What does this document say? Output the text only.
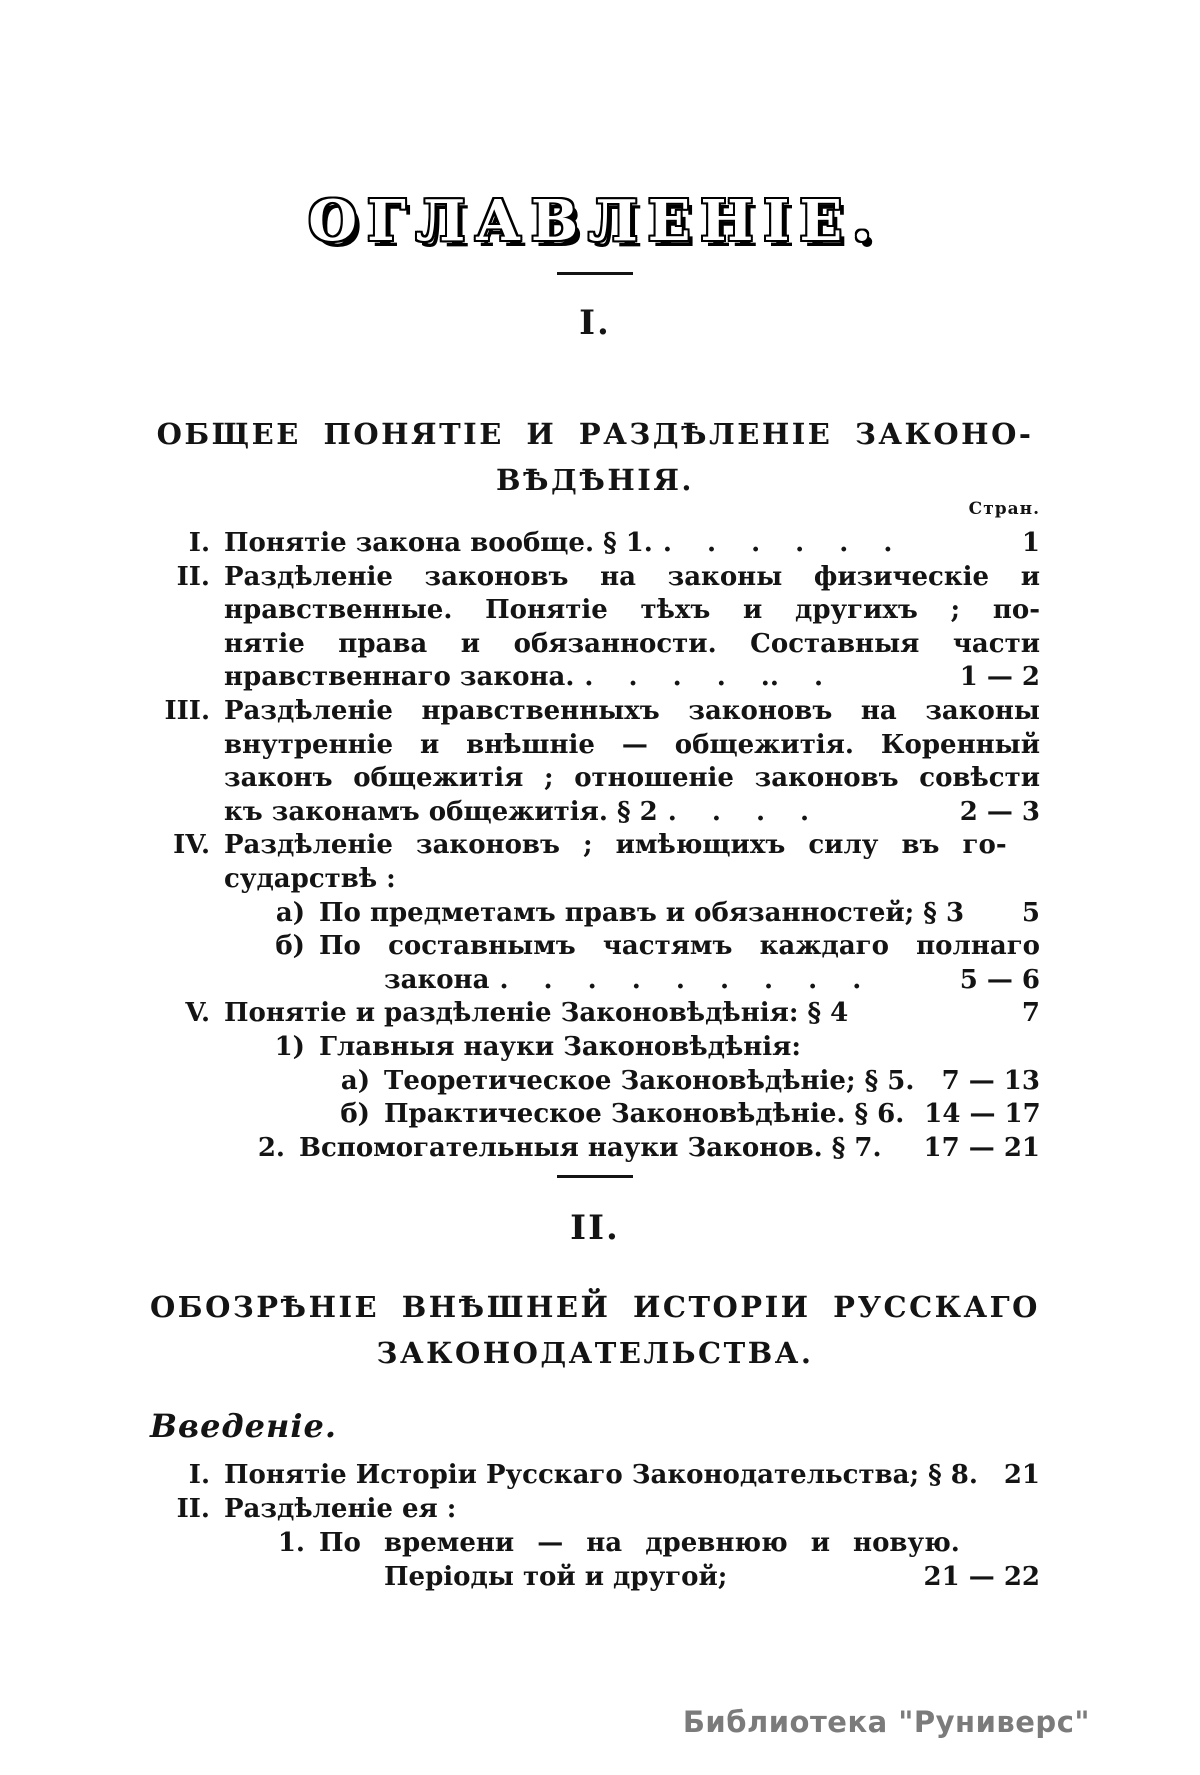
ОГЛАВЛЕНІЕ.
I.
ОБЩЕЕ ПОНЯТІЕ И РАЗДѢЛЕНІЕ ЗАКОНО-
ВѢДѢНІЯ.
Стран.
I. Понятіе закона вообще. § 1. . . . . . .	1
II. Раздѣленіе законовъ на законы физическіе и
нравственные. Понятіе тѣхъ и другихъ ; по-
нятіе права и обязанности. Составныя части
нравственнаго закона. . . . . .. .	1 — 2
III. Раздѣленіе нравственныхъ законовъ на законы
внутренніе и внѣшніе — общежитія. Коренный
законъ общежитія ; отношеніе законовъ совѣсти
къ законамъ общежитія. § 2 . . . .	2 — 3
IV. Раздѣленіе законовъ ; имѣющихъ силу въ го-
сударствѣ :
а) По предметамъ правъ и обязанностей; § 3 5
б) По составнымъ частямъ каждаго полнаго
закона . . . . . . . . .	5 — 6
V. Понятіе и раздѣленіе Законовѣдѣнія: § 4	7
1) Главныя науки Законовѣдѣнія:
а) Теоретическое Законовѣдѣніе; § 5. 7 — 13
б) Практическое Законовѣдѣніе. § 6. 14 — 17
2. Вспомогательныя науки Законов. § 7. 17 — 21
II.
ОБОЗРѢНІЕ ВНѢШНЕЙ ИСТОРІИ РУССКАГО
ЗАКОНОДАТЕЛЬСТВА.
Введеніе.
I. Понятіе Исторіи Русскаго Законодательства; § 8. 21
II. Раздѣленіе ея :
1. По времени — на древнюю и новую.
Періоды той и другой;	21 — 22
Библиотека "Руниверс"
